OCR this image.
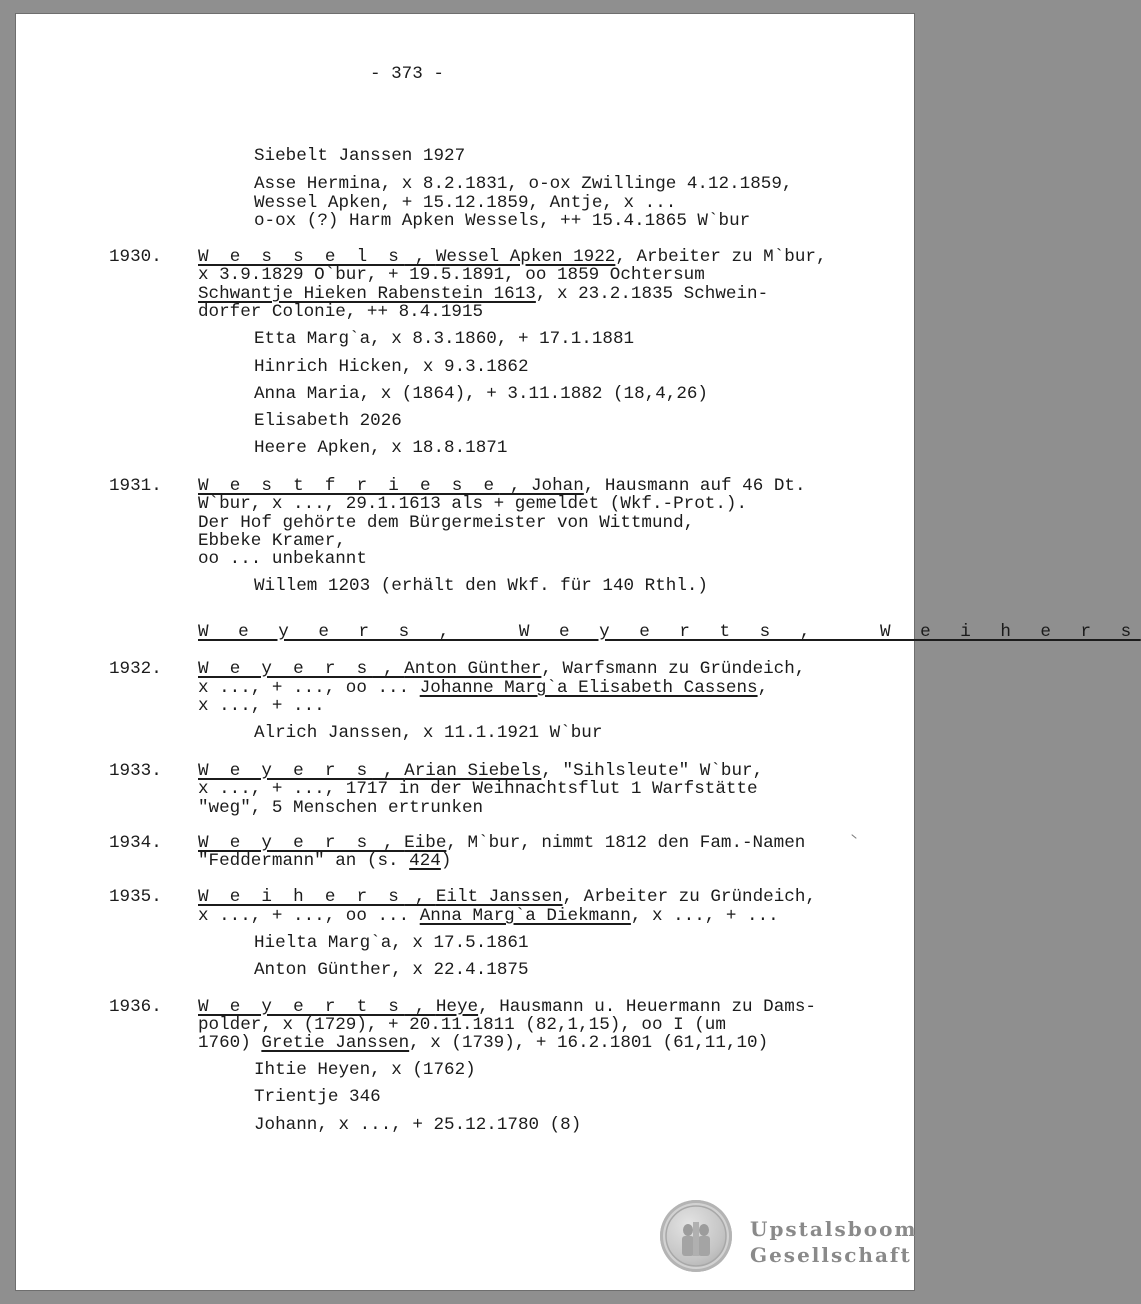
- 373 -
Siebelt Janssen 1927
Asse Hermina, x 8.2.1831, o-ox Zwillinge 4.12.1859,
Wessel Apken, + 15.12.1859, Antje, x ...
o-ox (?) Harm Apken Wessels, ++ 15.4.1865 W`bur
1930. W e s s e l s , Wessel Apken 1922, Arbeiter zu M`bur,
x 3.9.1829 O`bur, + 19.5.1891, oo 1859 Ochtersum
Schwantje Hieken Rabenstein 1613, x 23.2.1835 Schwein-
dorfer Colonie, ++ 8.4.1915
Etta Marg`a, x 8.3.1860, + 17.1.1881
Hinrich Hicken, x 9.3.1862
Anna Maria, x (1864), + 3.11.1882 (18,4,26)
Elisabeth 2026
Heere Apken, x 18.8.1871
1931. W e s t f r i e s e , Johan, Hausmann auf 46 Dt.
W`bur, x ..., 29.1.1613 als + gemeldet (Wkf.-Prot.).
Der Hof gehörte dem Bürgermeister von Wittmund,
Ebbeke Kramer,
oo ... unbekannt
Willem 1203 (erhält den Wkf. für 140 Rthl.)
W e y e r s ,   W e y e r t s ,   W e i h e r s
1932. W e y e r s , Anton Günther, Warfsmann zu Gründeich,
x ..., + ..., oo ... Johanne Marg`a Elisabeth Cassens,
x ..., + ...
Alrich Janssen, x 11.1.1921 W`bur
1933. W e y e r s , Arian Siebels, "Sihlsleute" W`bur,
x ..., + ..., 1717 in der Weihnachtsflut 1 Warfstätte
"weg", 5 Menschen ertrunken
1934. W e y e r s , Eibe, M`bur, nimmt 1812 den Fam.-Namen
"Feddermann" an (s. 424)
1935. W e i h e r s , Eilt Janssen, Arbeiter zu Gründeich,
x ..., + ..., oo ... Anna Marg`a Diekmann, x ..., + ...
Hielta Marg`a, x 17.5.1861
Anton Günther, x 22.4.1875
1936. W e y e r t s , Heye, Hausmann u. Heuermann zu Dams-
polder, x (1729), + 20.11.1811 (82,1,15), oo I (um
1760) Gretie Janssen, x (1739), + 16.2.1801 (61,11,10)
Ihtie Heyen, x (1762)
Trientje 346
Johann, x ..., + 25.12.1780 (8)
Upstalsboom
Gesellschaft
